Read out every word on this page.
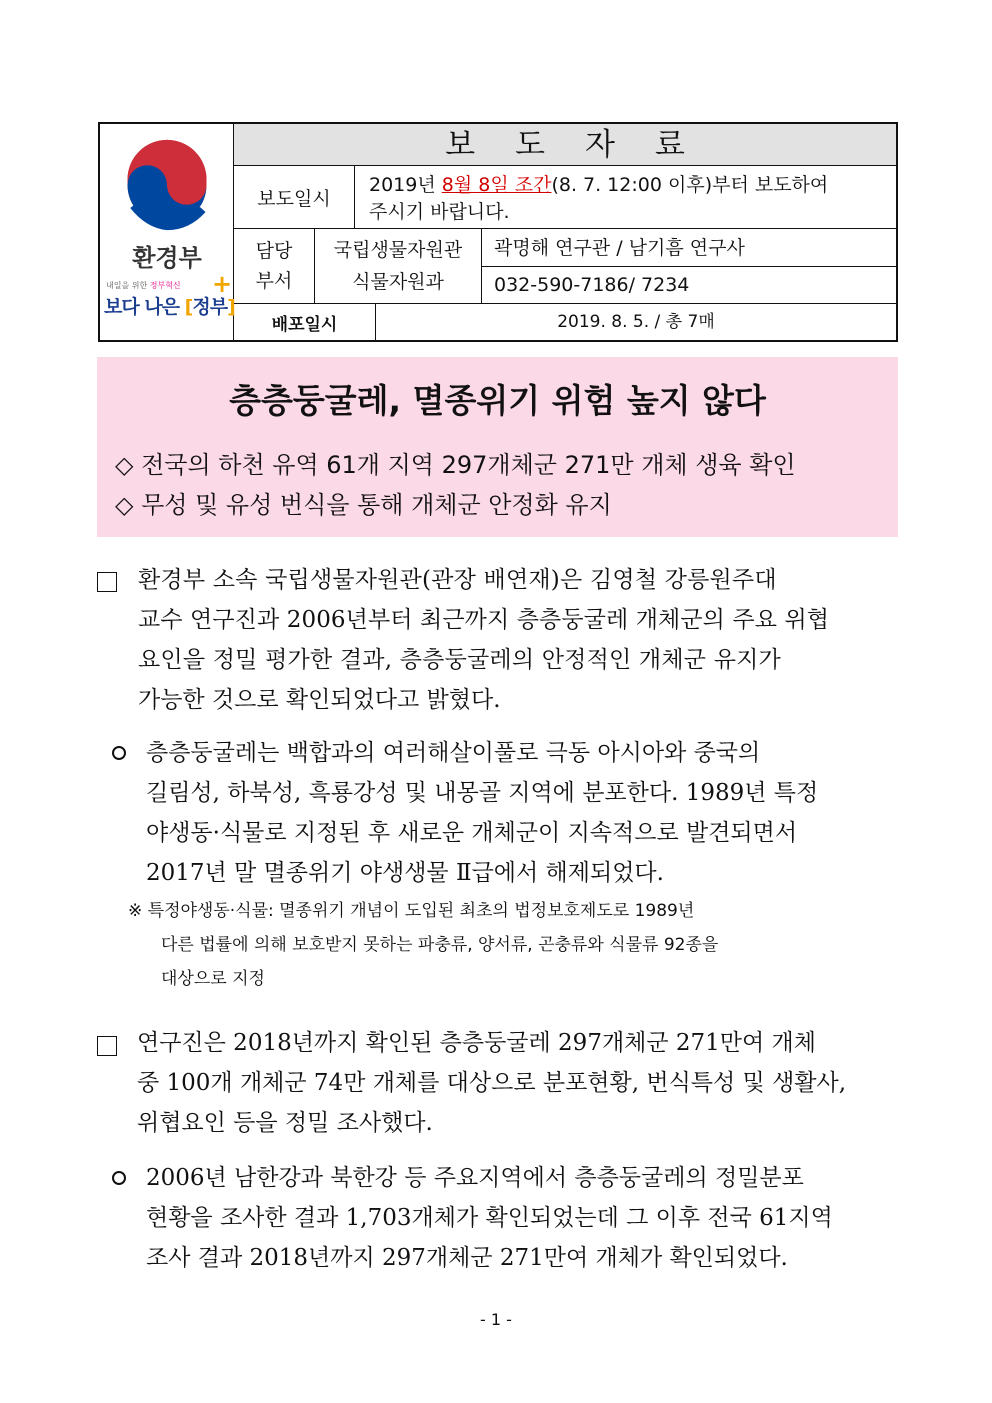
환경부
내일을 위한 정부혁신
보다 나은 [정부]
+
보도자료
보도일시
2019년 8월 8일 조간(8. 7. 12:00 이후)부터 보도하여
주시기 바랍니다.
담당
부서
국립생물자원관
식물자원과
곽명해 연구관 / 남기흠 연구사
032-590-7186/ 7234
배포일시	2019. 8. 5. / 총 7매
층층둥굴레, 멸종위기 위험 높지 않다
◇ 전국의 하천 유역 61개 지역 297개체군 271만 개체 생육 확인
◇ 무성 및 유성 번식을 통해 개체군 안정화 유지
환경부 소속 국립생물자원관(관장 배연재)은 김영철 강릉원주대
교수 연구진과 2006년부터 최근까지 층층둥굴레 개체군의 주요 위협
요인을 정밀 평가한 결과, 층층둥굴레의 안정적인 개체군 유지가
가능한 것으로 확인되었다고 밝혔다.
층층둥굴레는 백합과의 여러해살이풀로 극동 아시아와 중국의
길림성, 하북성, 흑룡강성 및 내몽골 지역에 분포한다. 1989년 특정
야생동·식물로 지정된 후 새로운 개체군이 지속적으로 발견되면서
2017년 말 멸종위기 야생생물 Ⅱ급에서 해제되었다.
※ 특정야생동·식물: 멸종위기 개념이 도입된 최초의 법정보호제도로 1989년
다른 법률에 의해 보호받지 못하는 파충류, 양서류, 곤충류와 식물류 92종을
대상으로 지정
연구진은 2018년까지 확인된 층층둥굴레 297개체군 271만여 개체
중 100개 개체군 74만 개체를 대상으로 분포현황, 번식특성 및 생활사,
위협요인 등을 정밀 조사했다.
2006년 남한강과 북한강 등 주요지역에서 층층둥굴레의 정밀분포
현황을 조사한 결과 1,703개체가 확인되었는데 그 이후 전국 61지역
조사 결과 2018년까지 297개체군 271만여 개체가 확인되었다.
- 1 -
